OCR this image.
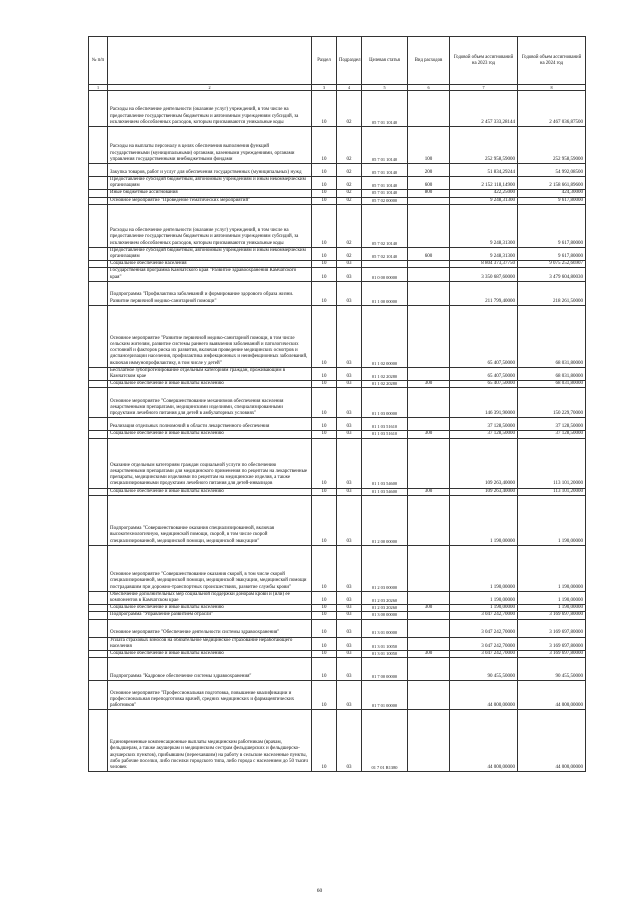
№ п/п		Раздел	Подраздел	Целевая статья	Вид расходов	Годовой объем ассигнований на 2023 год	Годовой объем ассигнований на 2024 год
1	2	3	4	5	6	7	8
	Расходы на обеспечение деятельности (оказание услуг) учреждений, в том числе на предоставление государственным бюджетным и автономным учреждениям субсидий, за исключением обособленных расходов, которым присваиваются уникальные коды	10	02	05 7 01 10140		2 457 333,28144	2 467 036,87500
	Расходы на выплаты персоналу в целях обеспечения выполнения функций государственными (муниципальными) органами, казенными учреждениями, органами управления государственными внебюджетными фондами	10	02	05 7 01 10140	100	252 958,59000	252 958,59000
	Закупка товаров, работ и услуг для обеспечения государственных (муниципальных) нужд	10	02	05 7 01 10140	200	51 834,29244	54 992,08500
	Предоставление субсидий бюджетным, автономным учреждениям и иным некоммерческим организациям	10	02	05 7 01 10140	600	2 152 118,14900	2 158 661,89600
	Иные бюджетные ассигнования	10	02	05 7 01 10140	800	422,25000	424,30000
	Основное мероприятие "Проведение тематических мероприятий"	10	02	05 7 02 00000		9 248,31300	9 617,80000
	Расходы на обеспечение деятельности (оказание услуг) учреждений, в том числе на предоставление государственным бюджетным и автономным учреждениям субсидий, за исключением обособленных расходов, которым присваиваются уникальные коды	10	02	05 7 02 10140		9 248,31300	9 617,80000
	Предоставление субсидий бюджетным, автономным учреждениям и иным некоммерческим организациям	10	02	05 7 02 10140	600	9 248,31300	9 617,80000
	Социальное обеспечение населения	10	03			8 804 373,37750	9 075 252,66907
	Государственная программа Камчатского края "Развитие здравоохранения Камчатского края"	10	03	01 0 00 00000		3 350 687,60000	3 479 604,80030
	Подпрограмма "Профилактика заболеваний и формирование здорового образа жизни. Развитие первичной медико-санитарной помощи"	10	03	01 1 00 00000		211 799,40000	218 261,50000
	Основное мероприятие "Развитие первичной медико-санитарной помощи, в том числе сельским жителям, развитие системы раннего выявления заболеваний и патологических состояний и факторов риска их развития, включая проведение медицинских осмотров и диспансеризации населения, профилактика инфекционных и неинфекционных заболеваний, включая иммунопрофилактику, в том числе у детей"	10	03	01 1 02 00000		65 407,50000	68 031,80000
	Бесплатное зубопротезирование отдельным категориям граждан, проживающим в Камчатском крае	10	03	01 1 02 20280		65 407,50000	68 031,80000
	Социальное обеспечение и иные выплаты населению	10	03	01 1 02 20280	300	65 407,50000	68 031,80000
	Основное мероприятие "Совершенствование механизмов обеспечения населения лекарственными препаратами, медицинскими изделиями, специализированными продуктами лечебного питания для детей в амбулаторных условиях"	10	03	01 1 03 00000		146 391,90000	150 229,70000
	Реализация отдельных полномочий в области лекарственного обеспечения	10	03	01 1 03 51610		37 128,50000	37 128,50000
	Социальное обеспечение и иные выплаты населению	10	03	01 1 03 51610	300	37 128,50000	37 128,50000
	Оказание отдельным категориям граждан социальной услуги по обеспечению лекарственными препаратами для медицинского применения по рецептам на лекарственные препараты, медицинскими изделиями по рецептам на медицинские изделия, а также специализированными продуктами лечебного питания для детей-инвалидов	10	03	01 1 03 54600		109 263,40000	113 101,20000
	Социальное обеспечение и иные выплаты населению	10	03	01 1 03 54600	300	109 263,40000	113 101,20000
	Подпрограмма "Совершенствование оказания специализированной, включая высокотехнологичную, медицинской помощи, скорой, в том числе скорой специализированной, медицинской помощи, медицинской эвакуации"	10	03	01 2 00 00000		1 190,00000	1 190,00000
	Основное мероприятие "Совершенствование оказания скорой, в том числе скорой специализированной, медицинской помощи, медицинской эвакуации, медицинской помощи пострадавшим при дорожно-транспортных происшествиях, развитие службы крови"	10	03	01 2 03 00000		1 190,00000	1 190,00000
	Обеспечение дополнительных мер социальной поддержки донорам крови и (или) ее компонентов в Камчатском крае	10	03	01 2 03 20260		1 190,00000	1 190,00000
	Социальное обеспечение и иные выплаты населению	10	03	01 2 03 20260	300	1 190,00000	1 190,00000
	Подпрограмма "Управление развитием отрасли"	10	03	01 3 00 00000		3 047 242,70000	3 169 697,80000
	Основное мероприятие "Обеспечение деятельности системы здравоохранения"	10	03	01 3 01 00000		3 047 242,70000	3 169 697,80000
	Уплата страховых взносов на обязательное медицинское страхование неработающего населения	10	03	01 3 01 10050		3 047 242,70000	3 169 697,80000
	Социальное обеспечение и иные выплаты населению	10	03	01 3 01 10050	300	3 047 242,70000	3 169 697,80000
	Подпрограмма "Кадровое обеспечение системы здравоохранения"	10	03	01 7 00 00000		90 455,50000	90 455,50000
	Основное мероприятие "Профессиональная подготовка, повышение квалификации и профессиональная переподготовка врачей, средних медицинских и фармацевтических работников"	10	03	01 7 01 00000		44 000,00000	44 000,00000
	Единовременные компенсационные выплаты медицинским работникам (врачам, фельдшерам, а также акушеркам и медицинским сестрам фельдшерских и фельдшерско-акушерских пунктов), прибывшим (переехавшим) на работу в сельские населенные пункты, либо рабочие поселки, либо поселки городского типа, либо города с населением до 50 тысяч человек	10	03	01 7 01 R1380		44 000,00000	44 000,00000
60
